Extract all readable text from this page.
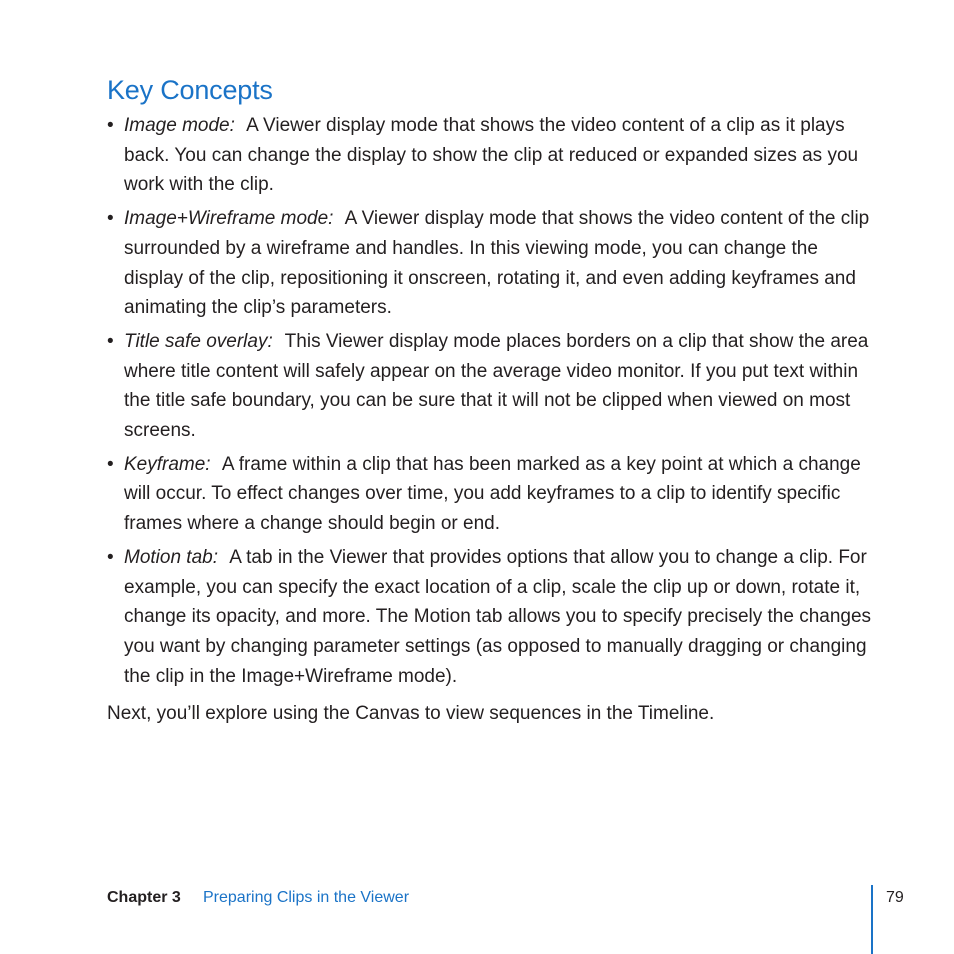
Key Concepts
• Image mode: A Viewer display mode that shows the video content of a clip as it plays back. You can change the display to show the clip at reduced or expanded sizes as you work with the clip.
• Image+Wireframe mode: A Viewer display mode that shows the video content of the clip surrounded by a wireframe and handles. In this viewing mode, you can change the display of the clip, repositioning it onscreen, rotating it, and even adding keyframes and animating the clip’s parameters.
• Title safe overlay: This Viewer display mode places borders on a clip that show the area where title content will safely appear on the average video monitor. If you put text within the title safe boundary, you can be sure that it will not be clipped when viewed on most screens.
• Keyframe: A frame within a clip that has been marked as a key point at which a change will occur. To effect changes over time, you add keyframes to a clip to identify specific frames where a change should begin or end.
• Motion tab: A tab in the Viewer that provides options that allow you to change a clip. For example, you can specify the exact location of a clip, scale the clip up or down, rotate it, change its opacity, and more. The Motion tab allows you to specify precisely the changes you want by changing parameter settings (as opposed to manually dragging or changing the clip in the Image+Wireframe mode).

Next, you’ll explore using the Canvas to view sequences in the Timeline.

Chapter 3 Preparing Clips in the Viewer	79
